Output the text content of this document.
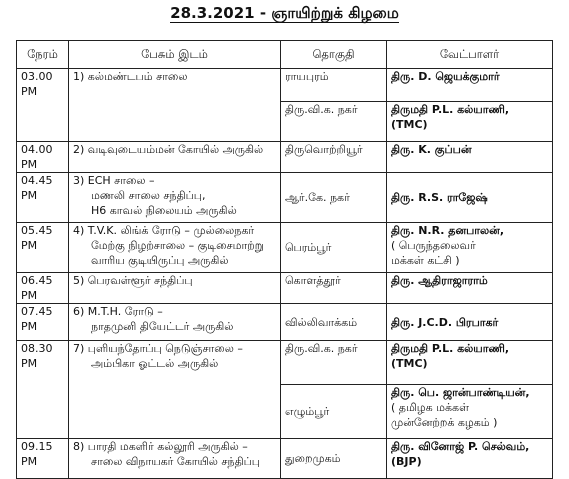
28.3.2021 - ஞாயிற்றுக் கிழமை
நேரம்	பேசும் இடம்	தொகுதி	வேட்பாளர்
03.00 PM	1) கல்மண்டபம் சாலை	ராயபுரம்	திரு. D. ஜெயக்குமார்

		திரு.வி.க. நகர்	திருமதி P.L. கல்யாணி,
(TMC)

04.00 PM	2) வடிவுடையம்மன் கோயில் அருகில்	திருவொற்றியூர்	திரு. K. குப்பன்

04.45 PM	3) ECH சாலை –
மணலி சாலை சந்திப்பு,
H6 காவல் நிலையம் அருகில்	ஆர்.கே. நகர்	திரு. R.S. ராஜேஷ்

05.45 PM	4) T.V.K. லிங்க் ரோடு – முல்லைநகர்
மேற்கு நிழற்சாலை – குடிசைமாற்று
வாரிய குடியிருப்பு அருகில்	பெரம்பூர்	திரு. N.R. தனபாலன்,
( பெருந்தலைவர்
மக்கள் கட்சி )

06.45 PM	5) பெரவள்ளூர் சந்திப்பு	கொளத்தூர்	திரு. ஆதிராஜாராம்

07.45 PM	6) M.T.H. ரோடு –
நாதமுனி தியேட்டர் அருகில்	வில்லிவாக்கம்	திரு. J.C.D. பிரபாகர்

08.30 PM	7) புளியந்தோப்பு நெடுஞ்சாலை –
அம்பிகா ஓட்டல் அருகில்	திரு.வி.க. நகர்	திருமதி P.L. கல்யாணி,
(TMC)

		எழும்பூர்	திரு. பெ. ஜான்பாண்டியன்,
( தமிழக மக்கள்
முன்னேற்றக் கழகம் )

09.15 PM	8) பாரதி மகளிர் கல்லூரி அருகில் –
சாலை விநாயகர் கோயில் சந்திப்பு	துறைமுகம்	திரு. வினோஜ் P. செல்வம்,
(BJP)
